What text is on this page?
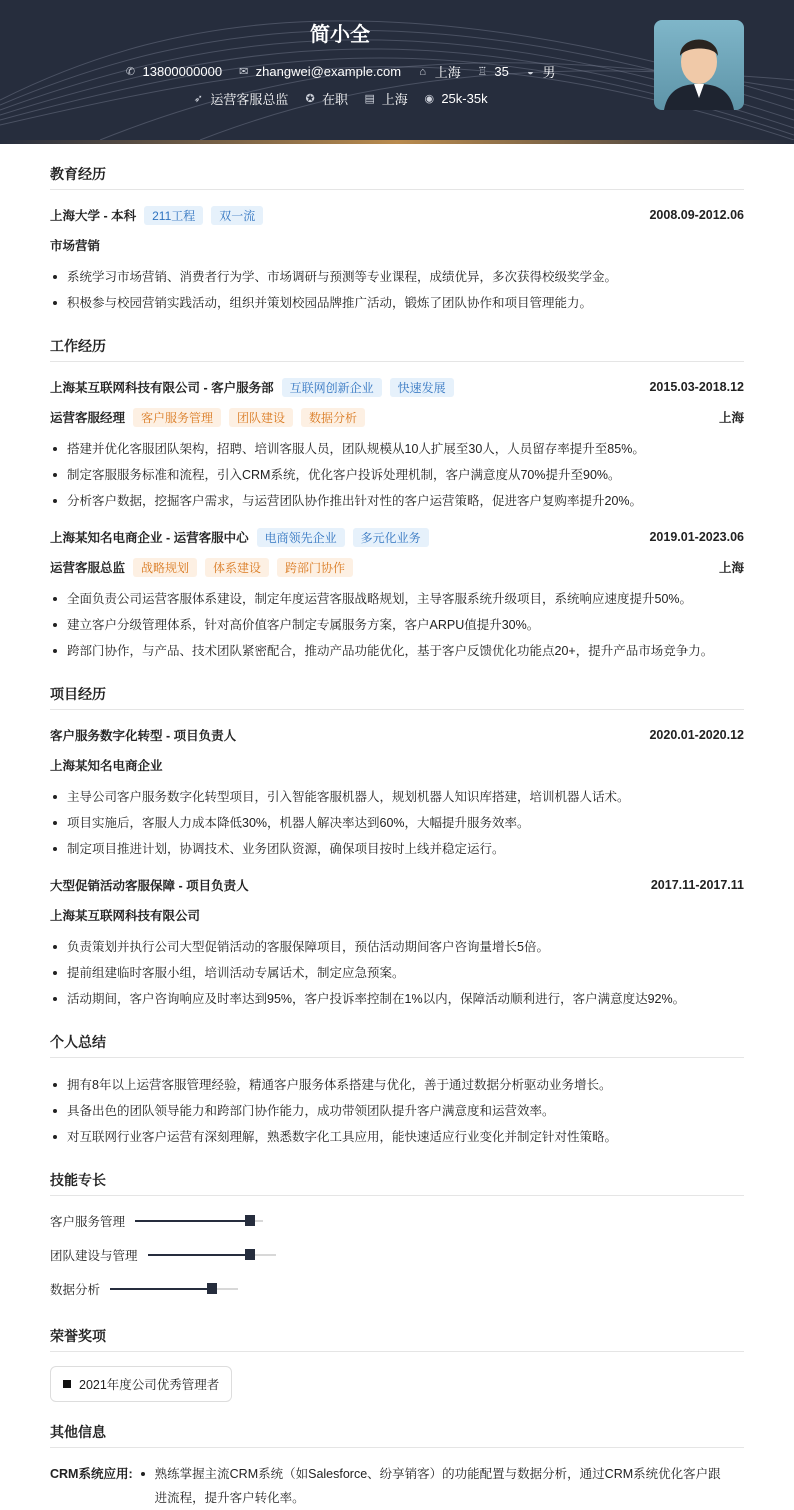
简小全
✆ 13800000000
✉ zhangwei@example.com
⌂ 上海
♖ 35
◒ 男
➶ 运营客服总监
✪ 在职
▤ 上海
◉ 25k-35k
教育经历
上海大学 - 本科	211工程	双一流	2008.09-2012.06
市场营销
系统学习市场营销、消费者行为学、市场调研与预测等专业课程，成绩优异，多次获得校级奖学金。
积极参与校园营销实践活动，组织并策划校园品牌推广活动，锻炼了团队协作和项目管理能力。
工作经历
上海某互联网科技有限公司 - 客户服务部	互联网创新企业	快速发展	2015.03-2018.12
运营客服经理	客户服务管理	团队建设	数据分析	上海
搭建并优化客服团队架构，招聘、培训客服人员，团队规模从10人扩展至30人，人员留存率提升至85%。
制定客服服务标准和流程，引入CRM系统，优化客户投诉处理机制，客户满意度从70%提升至90%。
分析客户数据，挖掘客户需求，与运营团队协作推出针对性的客户运营策略，促进客户复购率提升20%。
上海某知名电商企业 - 运营客服中心	电商领先企业	多元化业务	2019.01-2023.06
运营客服总监	战略规划	体系建设	跨部门协作	上海
全面负责公司运营客服体系建设，制定年度运营客服战略规划，主导客服系统升级项目，系统响应速度提升50%。
建立客户分级管理体系，针对高价值客户制定专属服务方案，客户ARPU值提升30%。
跨部门协作，与产品、技术团队紧密配合，推动产品功能优化，基于客户反馈优化功能点20+，提升产品市场竞争力。
项目经历
客户服务数字化转型 - 项目负责人	2020.01-2020.12
上海某知名电商企业
主导公司客户服务数字化转型项目，引入智能客服机器人，规划机器人知识库搭建，培训机器人话术。
项目实施后，客服人力成本降低30%，机器人解决率达到60%，大幅提升服务效率。
制定项目推进计划，协调技术、业务团队资源，确保项目按时上线并稳定运行。
大型促销活动客服保障 - 项目负责人	2017.11-2017.11
上海某互联网科技有限公司
负责策划并执行公司大型促销活动的客服保障项目，预估活动期间客户咨询量增长5倍。
提前组建临时客服小组，培训活动专属话术，制定应急预案。
活动期间，客户咨询响应及时率达到95%，客户投诉率控制在1%以内，保障活动顺利进行，客户满意度达92%。
个人总结
拥有8年以上运营客服管理经验，精通客户服务体系搭建与优化，善于通过数据分析驱动业务增长。
具备出色的团队领导能力和跨部门协作能力，成功带领团队提升客户满意度和运营效率。
对互联网行业客户运营有深刻理解，熟悉数字化工具应用，能快速适应行业变化并制定针对性策略。
技能专长
客户服务管理
团队建设与管理
数据分析
荣誉奖项
2021年度公司优秀管理者
其他信息
CRM系统应用:	熟练掌握主流CRM系统（如Salesforce、纷享销客）的功能配置与数据分析，通过CRM系统优化客户跟进流程，提升客户转化率。
